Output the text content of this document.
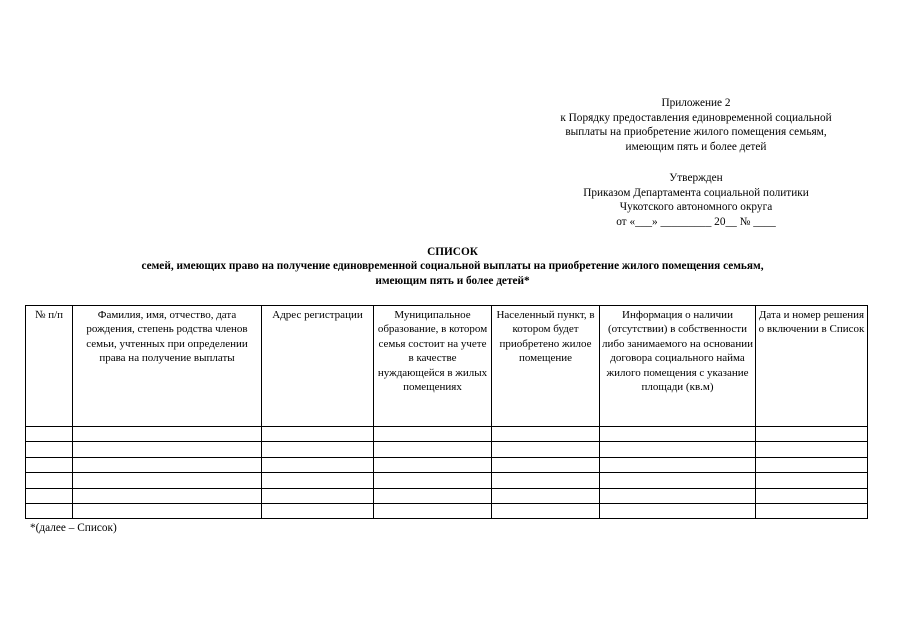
Приложение 2
к Порядку предоставления единовременной социальной
выплаты на приобретение жилого помещения семьям,
имеющим пять и более детей
Утвержден
Приказом Департамента социальной политики
Чукотского автономного округа
от «___» _________ 20__ № ____
СПИСОК
семей, имеющих право на получение единовременной социальной выплаты на приобретение жилого помещения семьям,
имеющим пять и более детей*
№ п/п	Фамилия, имя, отчество, дата рождения, степень родства членов семьи, учтенных при определении права на получение выплаты	Адрес регистрации	Муниципальное образование, в котором семья состоит на учете в качестве нуждающейся в жилых помещениях	Населенный пункт, в котором будет приобретено жилое помещение	Информация о наличии (отсутствии) в собственности либо занимаемого на основании договора социального найма жилого помещения с указание площади (кв.м)	Дата и номер решения о включении в Список

*(далее – Список)
